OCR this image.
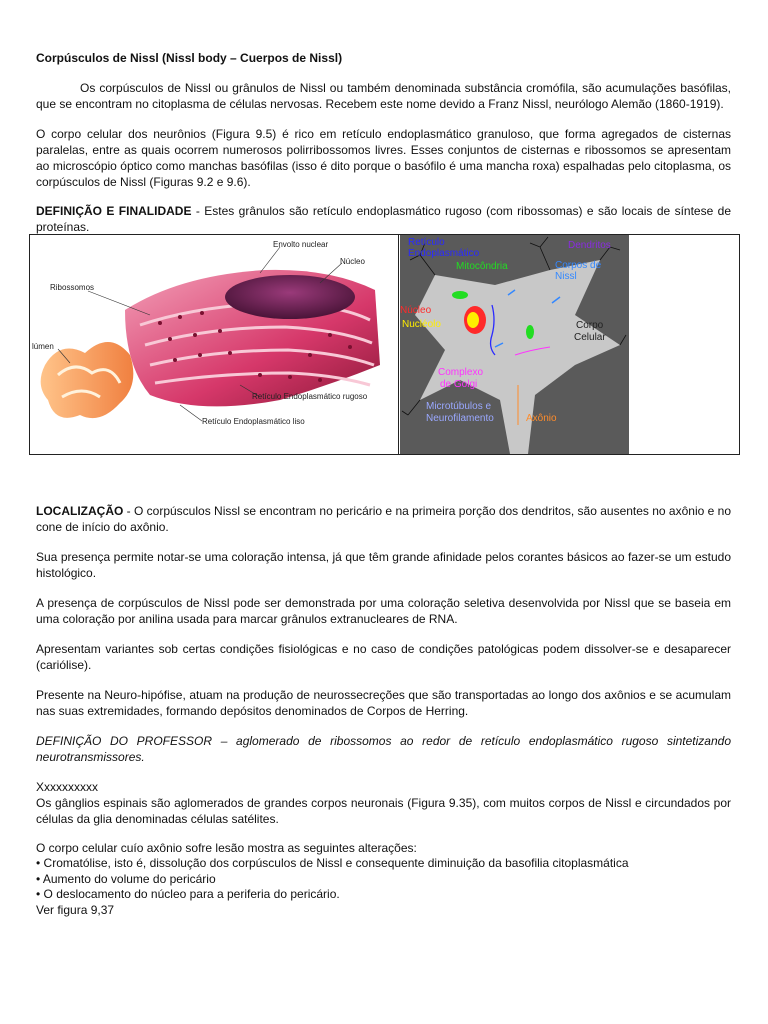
Corpúsculos de Nissl (Nissl body – Cuerpos de Nissl)

Os corpúsculos de Nissl ou grânulos de Nissl ou também denominada substância cromófila, são acumulações basófilas, que se encontram no citoplasma de células nervosas. Recebem este nome devido a Franz Nissl, neurólogo Alemão (1860-1919).

O corpo celular dos neurônios (Figura 9.5) é rico em retículo endoplasmático granuloso, que forma agregados de cisternas paralelas, entre as quais ocorrem numerosos polirribossomos livres. Esses conjuntos de cisternas e ribossomos se apresentam ao microscópio óptico como manchas basófilas (isso é dito porque o basófilo é uma mancha roxa) espalhadas pelo citoplasma, os corpúsculos de Nissl (Figuras 9.2 e 9.6).

DEFINIÇÃO E FINALIDADE - Estes grânulos são retículo endoplasmático rugoso (com ribossomas) e são locais de síntese de proteínas.

Envolto nuclear
Núcleo
Ribossomos
lúmen
Retículo Endoplasmático rugoso
Retículo Endoplasmático liso
Retículo
Endoplasmático
Mitocôndria
Dendritos
Corpos de
Nissl
Núcleo
Nucléolo	Corpo
Celular
Complexo
de Golgi
Microtúbulos e
Neurofilamento	Axônio

LOCALIZAÇÃO - O corpúsculos Nissl se encontram no pericário e na primeira porção dos dendritos, são ausentes no axônio e no cone de início do axônio.

Sua presença permite notar-se uma coloração intensa, já que têm grande afinidade pelos corantes básicos ao fazer-se um estudo histológico.

A presença de corpúsculos de Nissl pode ser demonstrada por uma coloração seletiva desenvolvida por Nissl que se baseia em uma coloração por anilina usada para marcar grânulos extranucleares de RNA.

Apresentam variantes sob certas condições fisiológicas e no caso de condições patológicas podem dissolver-se e desaparecer (cariólise).

Presente na Neuro-hipófise, atuam na produção de neurossecreções que são transportadas ao longo dos axônios e se acumulam nas suas extremidades, formando depósitos denominados de Corpos de Herring.

DEFINIÇÃO DO PROFESSOR – aglomerado de ribossomos ao redor de retículo endoplasmático rugoso sintetizando neurotransmissores.

Xxxxxxxxxx

Os gânglios espinais são aglomerados de grandes corpos neuronais (Figura 9.35), com muitos corpos de Nissl e circundados por células da glia denominadas células satélites.

O corpo celular cuío axônio sofre lesão mostra as seguintes alterações:

• Cromatólise, isto é, dissolução dos corpúsculos de Nissl e consequente diminuição da basofilia citoplasmática

• Aumento do volume do pericário

• O deslocamento do núcleo para a periferia do pericário.

Ver figura 9,37
